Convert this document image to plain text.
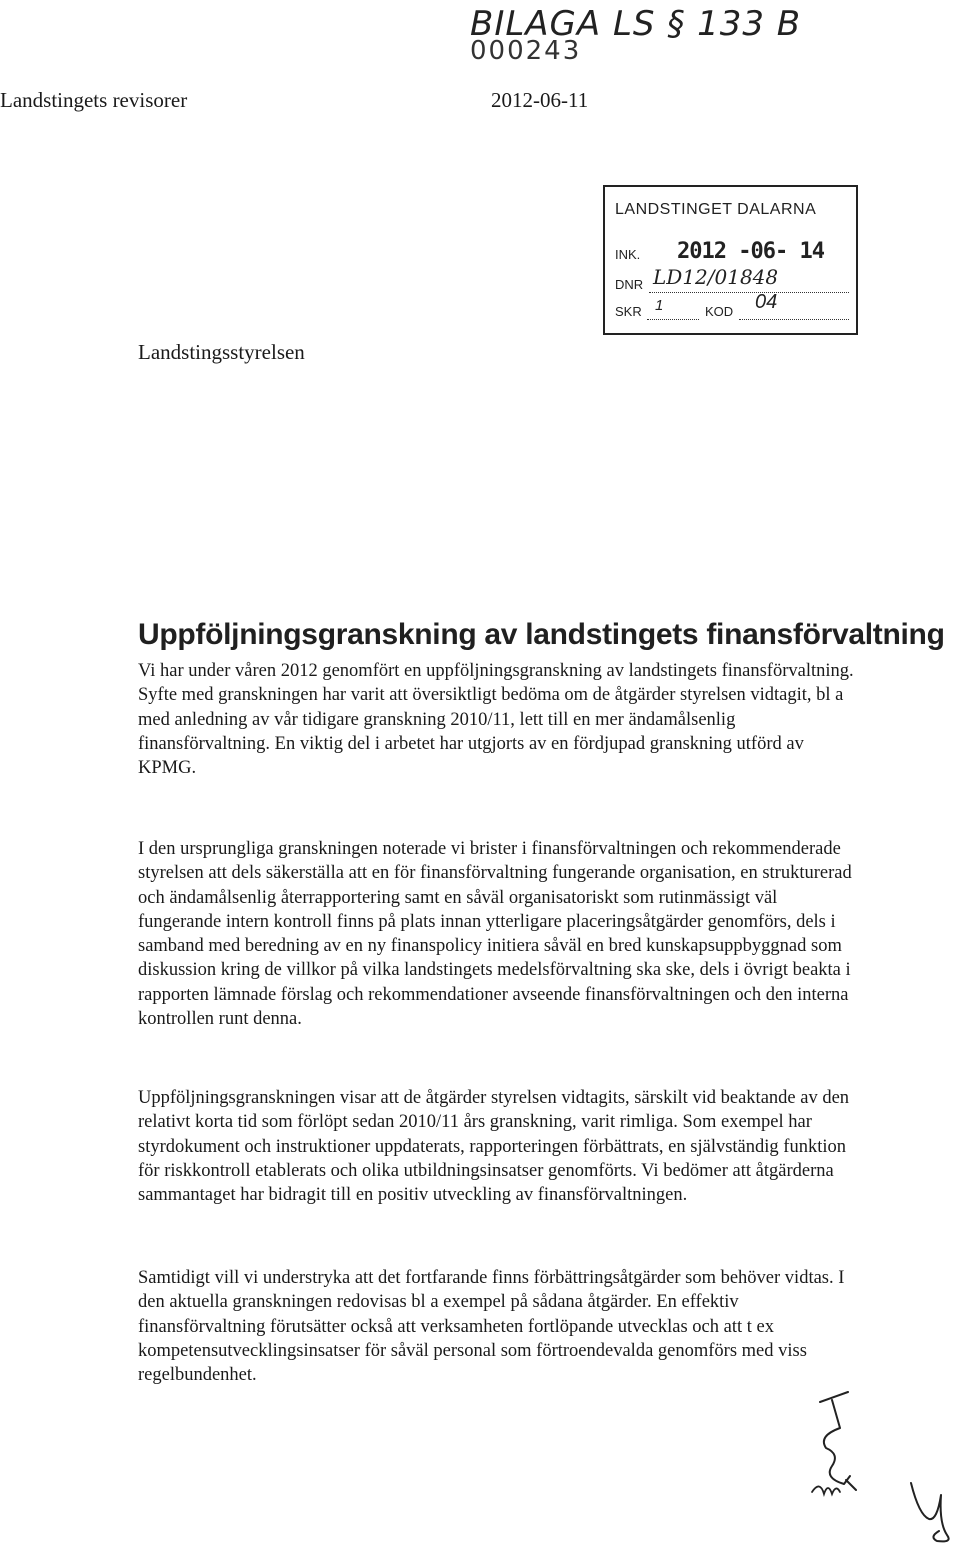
BILAGA LS § 133 B
000243
Landstingets revisorer	2012-06-11
LANDSTINGET DALARNA
INK. 2012 -06- 14
DNR LD12/01848
SKR 1	KOD 04
Landstingsstyrelsen
Uppföljningsgranskning av landstingets finansförvaltning

Vi har under våren 2012 genomfört en uppföljningsgranskning av landstingets finansförvaltning. Syfte med granskningen har varit att översiktligt bedöma om de åtgärder styrelsen vidtagit, bl a med anledning av vår tidigare granskning 2010/11, lett till en mer ändamålsenlig finansförvaltning. En viktig del i arbetet har utgjorts av en fördjupad granskning utförd av KPMG.

I den ursprungliga granskningen noterade vi brister i finansförvaltningen och rekommenderade styrelsen att dels säkerställa att en för finansförvaltning fungerande organisation, en strukturerad och ändamålsenlig återrapportering samt en såväl organisatoriskt som rutinmässigt väl fungerande intern kontroll finns på plats innan ytterligare placeringsåtgärder genomförs, dels i samband med beredning av en ny finanspolicy initiera såväl en bred kunskapsuppbyggnad som diskussion kring de villkor på vilka landstingets medelsförvaltning ska ske, dels i övrigt beakta i rapporten lämnade förslag och rekommendationer avseende finansförvaltningen och den interna kontrollen runt denna.

Uppföljningsgranskningen visar att de åtgärder styrelsen vidtagits, särskilt vid beaktande av den relativt korta tid som förlöpt sedan 2010/11 års granskning, varit rimliga. Som exempel har styrdokument och instruktioner uppdaterats, rapporteringen förbättrats, en självständig funktion för riskkontroll etablerats och olika utbildningsinsatser genomförts. Vi bedömer att åtgärderna sammantaget har bidragit till en positiv utveckling av finansförvaltningen.

Samtidigt vill vi understryka att det fortfarande finns förbättringsåtgärder som behöver vidtas. I den aktuella granskningen redovisas bl a exempel på sådana åtgärder. En effektiv finansförvaltning förutsätter också att verksamheten fortlöpande utvecklas och att t ex kompetensutvecklingsinsatser för såväl personal som förtroendevalda genomförs med viss regelbundenhet.
